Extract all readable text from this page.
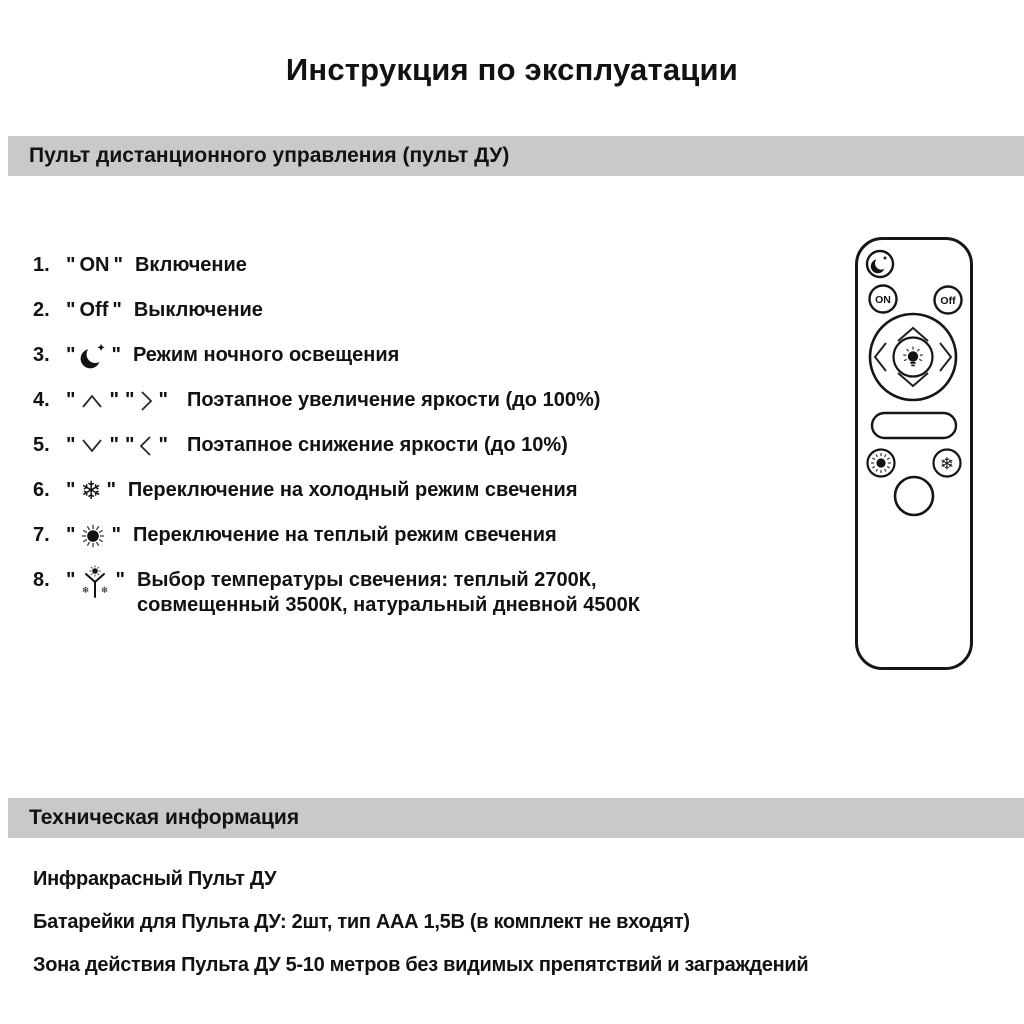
Инструкция по эксплуатации
Пульт дистанционного управления (пульт ДУ)
1. " ON " Включение
2. " Off " Выключение
3. " " Режим ночного освещения
4. " " " " Поэтапное увеличение яркости (до 100%)
5. " " " " Поэтапное снижение яркости (до 10%)
6. " ❄ " Переключение на холодный режим свечения
7. " " Переключение на теплый режим свечения
8. " ❄ ❄ " Выбор температуры свечения: теплый 2700К,
совмещенный 3500К, натуральный дневной 4500К
ON	Off
❄
Техническая информация
Инфракрасный Пульт ДУ
Батарейки для Пульта ДУ: 2шт, тип ААА 1,5В (в комплект не входят)
Зона действия Пульта ДУ 5-10 метров без видимых препятствий и заграждений
